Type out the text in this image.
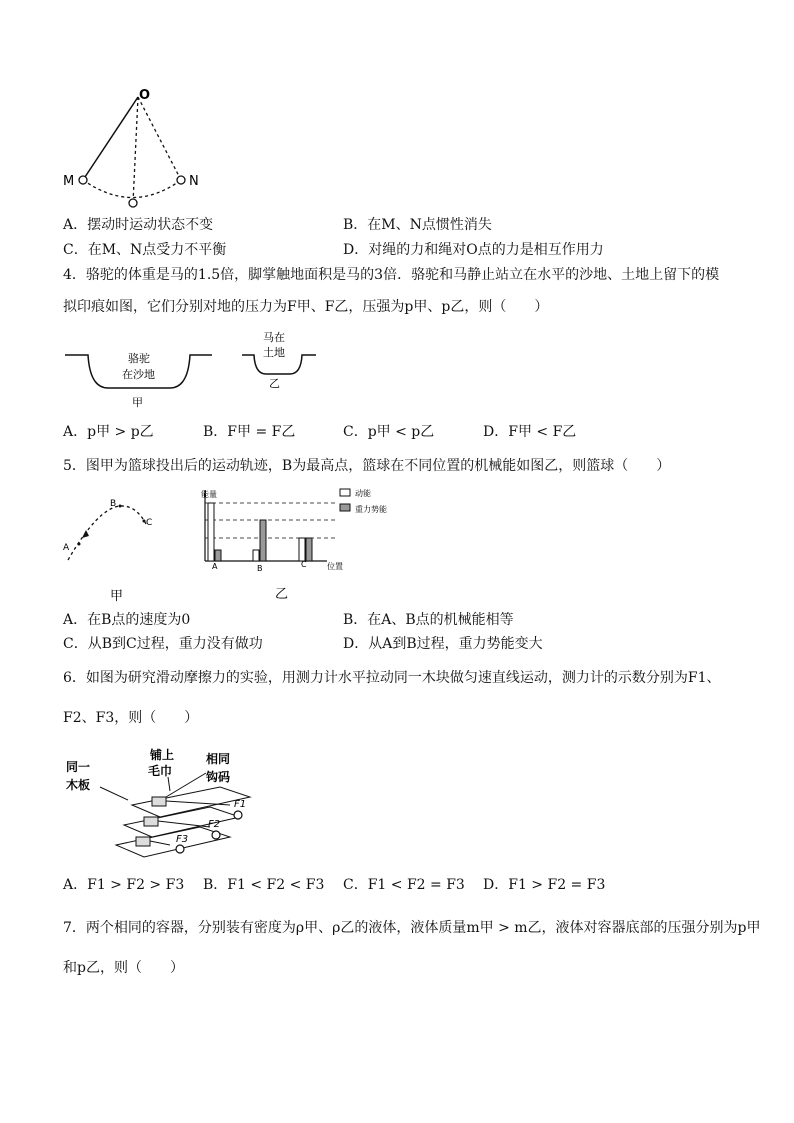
O
M	N
A．摆动时运动状态不变	B．在M、N点惯性消失
C．在M、N点受力不平衡	D．对绳的力和绳对O点的力是相互作用力
4．骆驼的体重是马的1.5倍，脚掌触地面积是马的3倍．骆驼和马静止站立在水平的沙地、土地上留下的模
拟印痕如图，它们分别对地的压力为F甲、F乙，压强为p甲、p乙，则（　　）
骆驼
在沙地
甲
马在
土地
乙
A．p甲 > p乙	B．F甲 = F乙	C．p甲 < p乙	D．F甲 < F乙
5．图甲为篮球投出后的运动轨迹，B为最高点，篮球在不同位置的机械能如图乙，则篮球（　　）
A
B
C
甲
能量
位置
A	B	C
动能
重力势能
乙
A．在B点的速度为0	B．在A、B点的机械能相等
C．从B到C过程，重力没有做功	D．从A到B过程，重力势能变大
6．如图为研究滑动摩擦力的实验，用测力计水平拉动同一木块做匀速直线运动，测力计的示数分别为F1、
F2、F3，则（　　）
同一
木板
铺上
毛巾
相同
钩码
F1
F2
F3
A．F1 > F2 > F3 B．F1 < F2 < F3 C．F1 < F2 = F3 D．F1 > F2 = F3
7．两个相同的容器，分别装有密度为ρ甲、ρ乙的液体，液体质量m甲 > m乙，液体对容器底部的压强分别为p甲
和p乙，则（　　）
